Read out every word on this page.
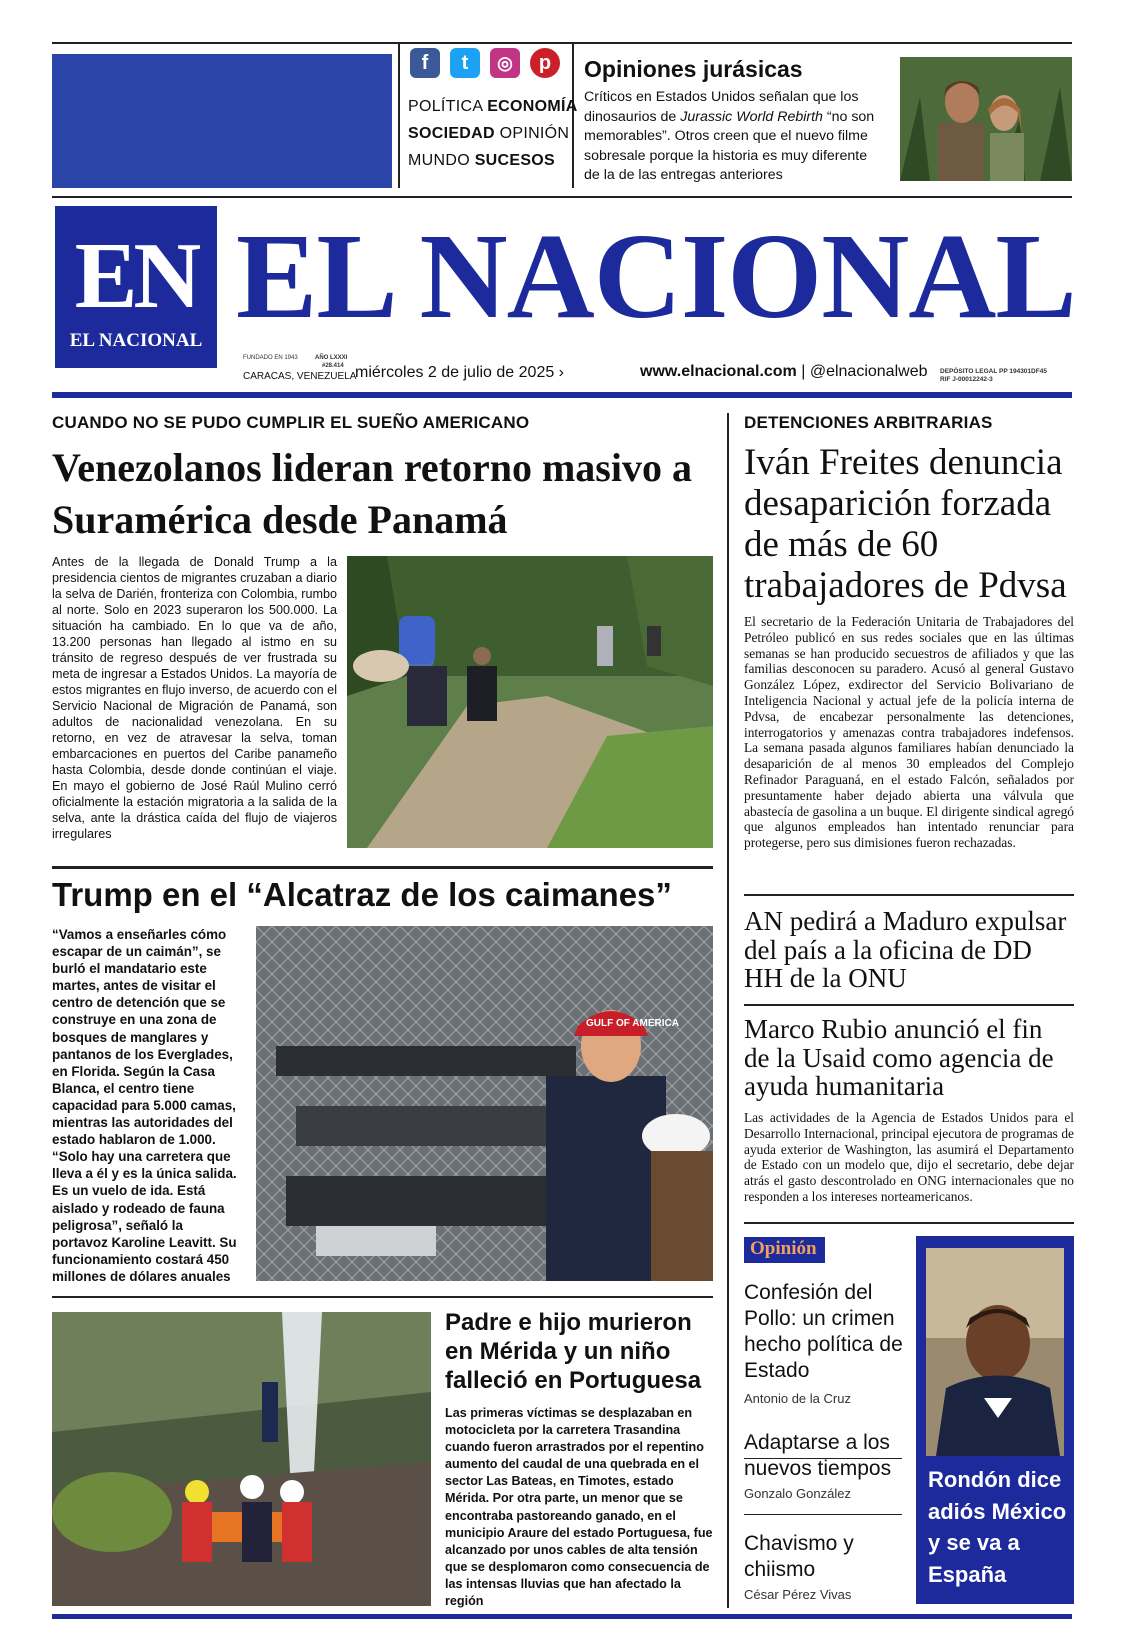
f	t	◎	p
POLÍTICA ECONOMÍA
SOCIEDAD OPINIÓN
MUNDO SUCESOS
Opiniones jurásicas
Críticos en Estados Unidos señalan que los dinosaurios de Jurassic World Rebirth “no son memorables”. Otros creen que el nuevo filme sobresale porque la historia es muy diferente de la de las entregas anteriores
EN
EL NACIONAL EL NACIONAL
FUNDADO EN 1943	AÑO LXXXI
#28.414
CARACAS, VENEZUELA
miércoles 2 de julio de 2025 ›	www.elnacional.com | @elnacionalweb DEPÓSITO LEGAL PP 194301DF45
RIF J-00012242-3
CUANDO NO SE PUDO CUMPLIR EL SUEÑO AMERICANO
Venezolanos lideran retorno masivo a Suramérica desde Panamá
Antes de la llegada de Donald Trump a la presidencia cientos de migrantes cruzaban a diario la selva de Darién, fronteriza con Colombia, rumbo al norte. Solo en 2023 superaron los 500.000. La situación ha cambiado. En lo que va de año, 13.200 personas han llegado al istmo en su tránsito de regreso después de ver frustrada su meta de ingresar a Estados Unidos. La mayoría de estos migrantes en flujo inverso, de acuerdo con el Servicio Nacional de Migración de Panamá, son adultos de nacionalidad venezolana. En su retorno, en vez de atravesar la selva, toman embarcaciones en puertos del Caribe panameño hasta Colombia, desde donde continúan el viaje. En mayo el gobierno de José Raúl Mulino cerró oficialmente la estación migratoria a la salida de la selva, ante la drástica caída del flujo de viajeros irregulares
Trump en el “Alcatraz de los caimanes”
“Vamos a enseñarles cómo escapar de un caimán”, se burló el mandatario este martes, antes de visitar el centro de detención que se construye en una zona de bosques de manglares y pantanos de los Everglades, en Florida. Según la Casa Blanca, el centro tiene capacidad para 5.000 camas, mientras las autoridades del estado hablaron de 1.000. “Solo hay una carretera que lleva a él y es la única salida. Es un vuelo de ida. Está aislado y rodeado de fauna peligrosa”, señaló la portavoz Karoline Leavitt. Su funcionamiento costará 450 millones de dólares anuales
GULF OF AMERICA
Padre e hijo murieron en Mérida y un niño falleció en Portuguesa
Las primeras víctimas se desplazaban en motocicleta por la carretera Trasandina cuando fueron arrastrados por el repentino aumento del caudal de una quebrada en el sector Las Bateas, en Timotes, estado Mérida. Por otra parte, un menor que se encontraba pastoreando ganado, en el municipio Araure del estado Portuguesa, fue alcanzado por unos cables de alta tensión que se desplomaron como consecuencia de las intensas lluvias que han afectado la región
DETENCIONES ARBITRARIAS
Iván Freites denuncia desaparición forzada de más de 60 trabajadores de Pdvsa
El secretario de la Federación Unitaria de Trabajadores del Petróleo publicó en sus redes sociales que en las últimas semanas se han producido secuestros de afiliados y que las familias desconocen su paradero. Acusó al general Gustavo González López, exdirector del Servicio Bolivariano de Inteligencia Nacional y actual jefe de la policía interna de Pdvsa, de encabezar personalmente las detenciones, interrogatorios y amenazas contra trabajadores indefensos. La semana pasada algunos familiares habían denunciado la desaparición de al menos 30 empleados del Complejo Refinador Paraguaná, en el estado Falcón, señalados por presuntamente haber dejado abierta una válvula que abastecía de gasolina a un buque. El dirigente sindical agregó que algunos empleados han intentado renunciar para protegerse, pero sus dimisiones fueron rechazadas.
AN pedirá a Maduro expulsar del país a la oficina de DD HH de la ONU
Marco Rubio anunció el fin de la Usaid como agencia de ayuda humanitaria
Las actividades de la Agencia de Estados Unidos para el Desarrollo Internacional, principal ejecutora de programas de ayuda exterior de Washington, las asumirá el Departamento de Estado con un modelo que, dijo el secretario, debe dejar atrás el gasto descontrolado en ONG internacionales que no responden a los intereses norteamericanos.
Opinión
Confesión del Pollo: un crimen hecho política de Estado
Antonio de la Cruz
Adaptarse a los nuevos tiempos
Gonzalo González
Chavismo y chiismo
César Pérez Vivas
Rondón dice adiós México y se va a España
